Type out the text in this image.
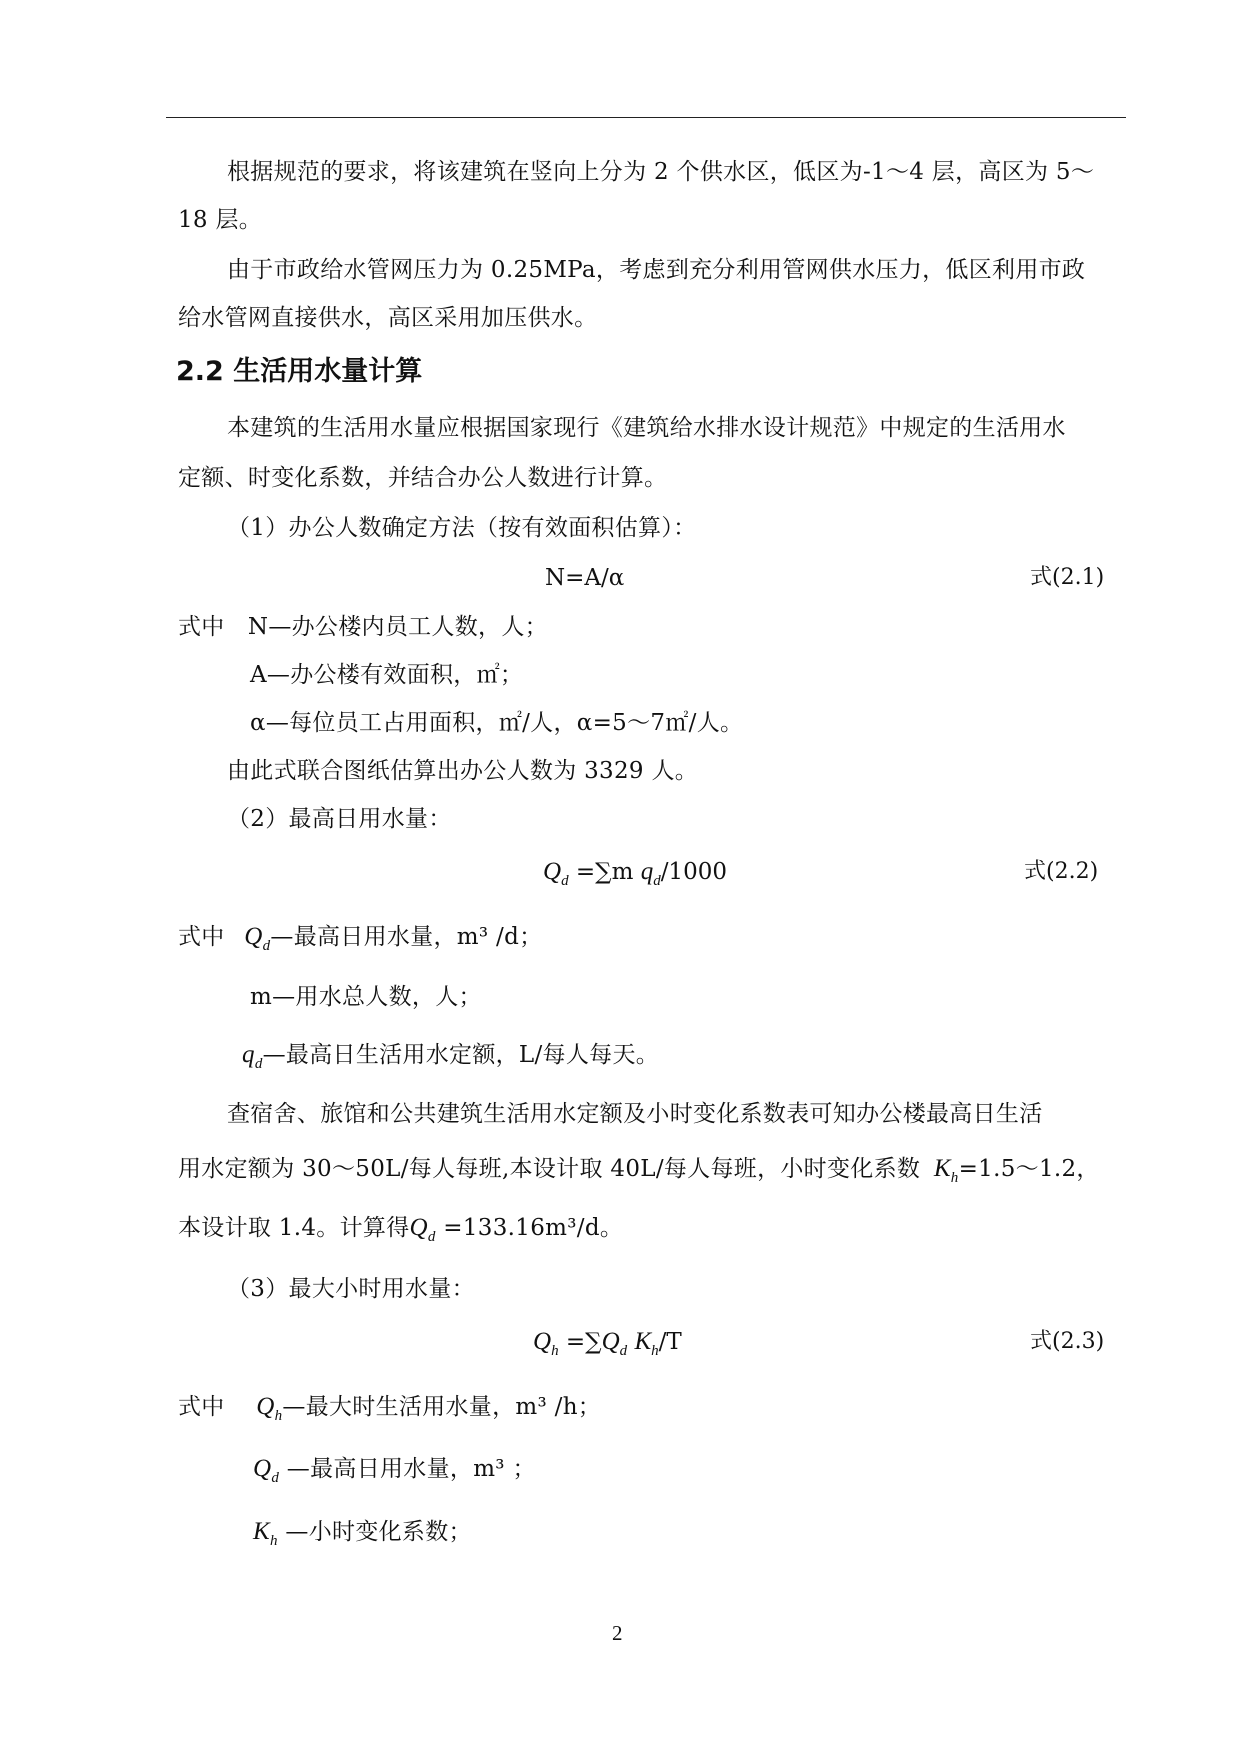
根据规范的要求，将该建筑在竖向上分为 2 个供水区，低区为-1～4 层，高区为 5～
18 层。
由于市政给水管网压力为 0.25MPa，考虑到充分利用管网供水压力，低区利用市政
给水管网直接供水，高区采用加压供水。
2.2 生活用水量计算
本建筑的生活用水量应根据国家现行《建筑给水排水设计规范》中规定的生活用水
定额、时变化系数，并结合办公人数进行计算。
（1）办公人数确定方法（按有效面积估算）：
N=A/α	式(2.1)
式中　N—办公楼内员工人数，人；
A—办公楼有效面积，㎡；
α—每位员工占用面积，㎡/人，α=5～7㎡/人。
由此式联合图纸估算出办公人数为 3329 人。
（2）最高日用水量：
$Q_d =\sum m$ $q_d/1000$	式(2.2)
式中 $Q_d—$最高日用水量，m³ /d；
m—用水总人数，人；
$q_d—$最高日生活用水定额，L/每人每天。
查宿舍、旅馆和公共建筑生活用水定额及小时变化系数表可知办公楼最高日生活
用水定额为 30～50L/每人每班,本设计取 40L/每人每班，小时变化系数 $K_h=1.5\sim 1.2$，
本设计取 1.4。计算得$Q_d =133.16m^3/d$。
（3）最大小时用水量：
$Q_h =\sum Q_d$ $K_h/T$	式(2.3)
式中 $Q_h—$最大时生活用水量，m³ /h；
$Q_d$ —最高日用水量，m³ ；
$K_h$ —小时变化系数；
2
